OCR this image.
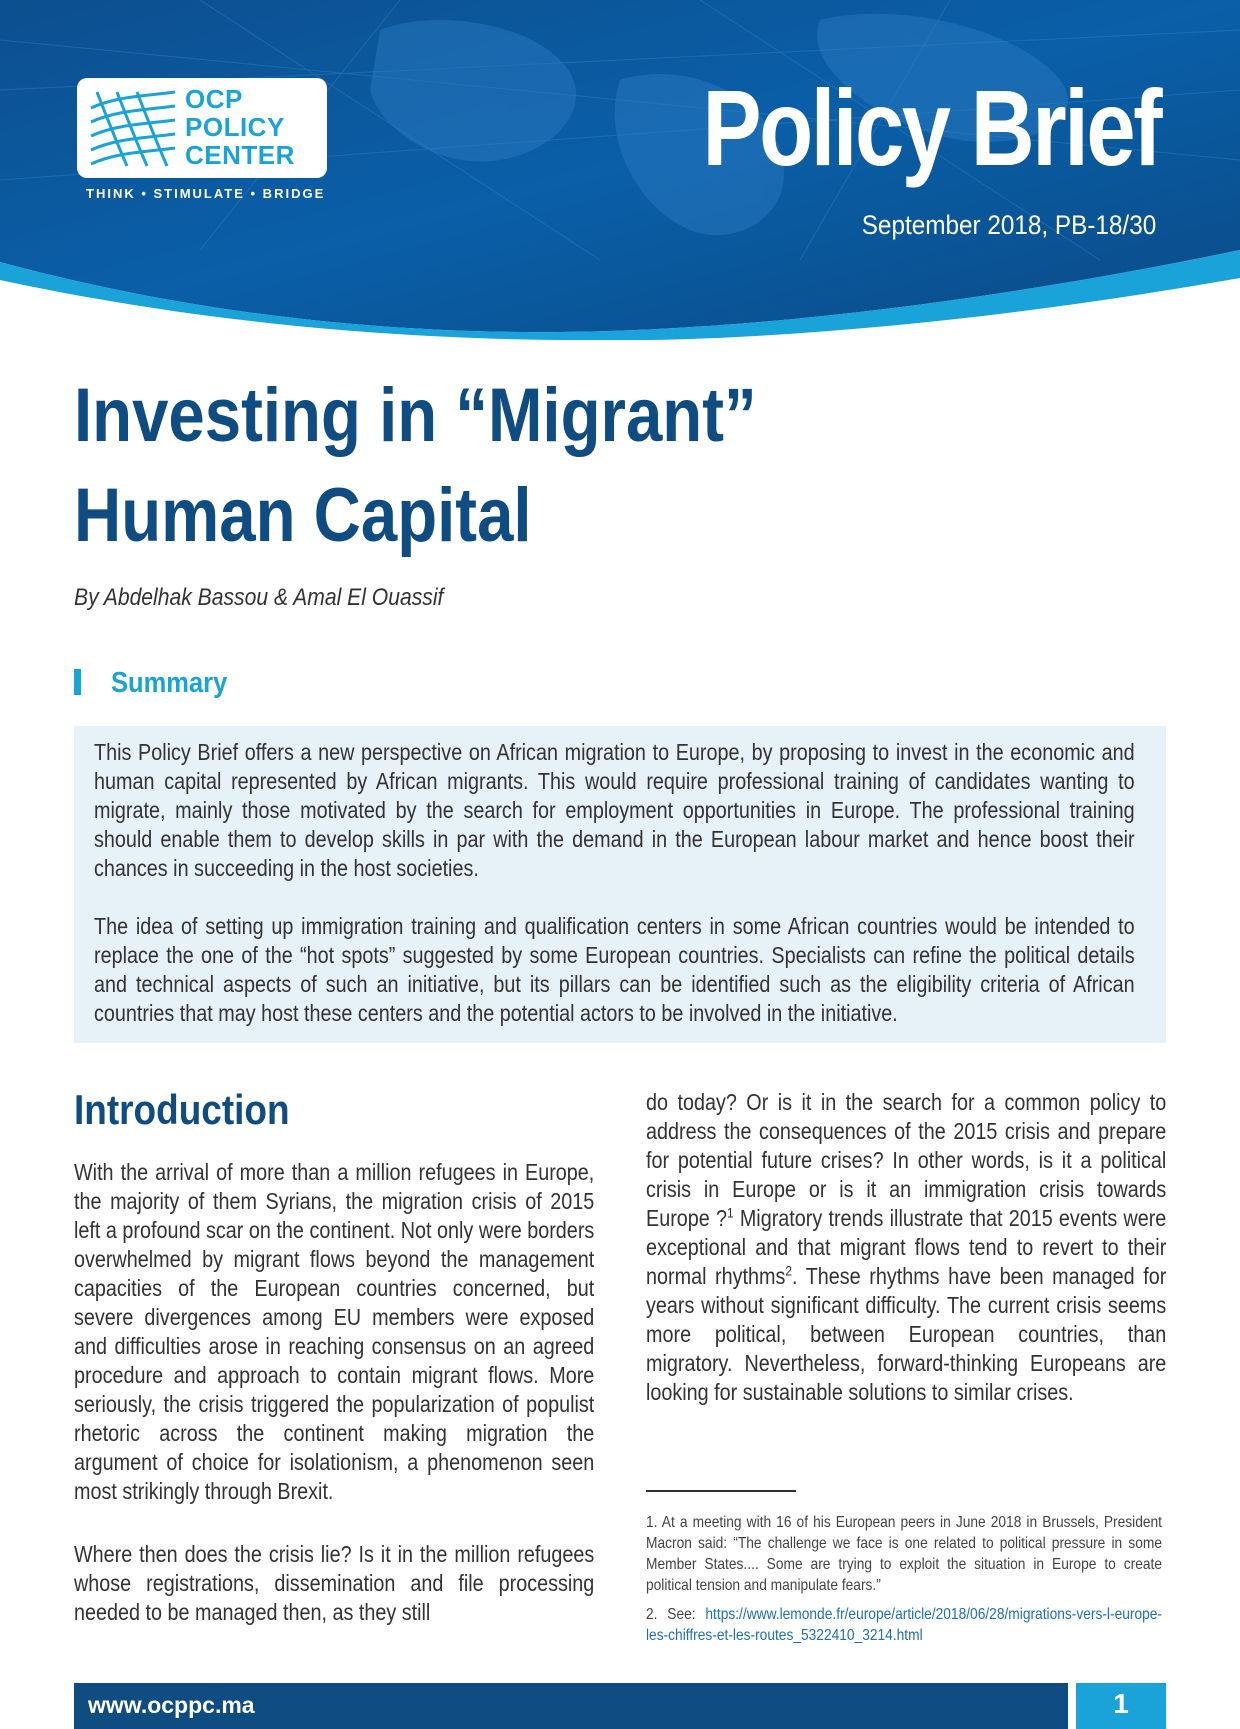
OCP
POLICY
CENTER
THINK • STIMULATE • BRIDGE
Policy Brief
September 2018, PB-18/30
Investing in “Migrant”
Human Capital
By Abdelhak Bassou & Amal El Ouassif
Summary
This Policy Brief offers a new perspective on African migration to Europe, by proposing to invest in the economic and human capital represented by African migrants. This would require professional training of candidates wanting to migrate, mainly those motivated by the search for employment opportunities in Europe. The professional training should enable them to develop skills in par with the demand in the European labour market and hence boost their chances in succeeding in the host societies.
The idea of setting up immigration training and qualification centers in some African countries would be intended to replace the one of the “hot spots” suggested by some European countries. Specialists can refine the political details and technical aspects of such an initiative, but its pillars can be identified such as the eligibility criteria of African countries that may host these centers and the potential actors to be involved in the initiative.
Introduction
With the arrival of more than a million refugees in Europe, the majority of them Syrians, the migration crisis of 2015 left a profound scar on the continent. Not only were borders overwhelmed by migrant flows beyond the management capacities of the European countries concerned, but severe divergences among EU members were exposed and difficulties arose in reaching consensus on an agreed procedure and approach to contain migrant flows. More seriously, the crisis triggered the popularization of populist rhetoric across the continent making migration the argument of choice for isolationism, a phenomenon seen most strikingly through Brexit.
Where then does the crisis lie? Is it in the million refugees whose registrations, dissemination and file processing needed to be managed then, as they still
do today? Or is it in the search for a common policy to address the consequences of the 2015 crisis and prepare for potential future crises? In other words, is it a political crisis in Europe or is it an immigration crisis towards Europe ?$^1$ Migratory trends illustrate that 2015 events were exceptional and that migrant flows tend to revert to their normal rhythms$^2$. These rhythms have been managed for years without significant difficulty. The current crisis seems more political, between European countries, than migratory. Nevertheless, forward-thinking Europeans are looking for sustainable solutions to similar crises.
1. At a meeting with 16 of his European peers in June 2018 in Brussels, President Macron said: “The challenge we face is one related to political pressure in some Member States.... Some are trying to exploit the situation in Europe to create political tension and manipulate fears.”
2. See: https://www.lemonde.fr/europe/article/2018/06/28/migrations-vers-l-europe-les-chiffres-et-les-routes_5322410_3214.html
www.ocppc.ma	1
